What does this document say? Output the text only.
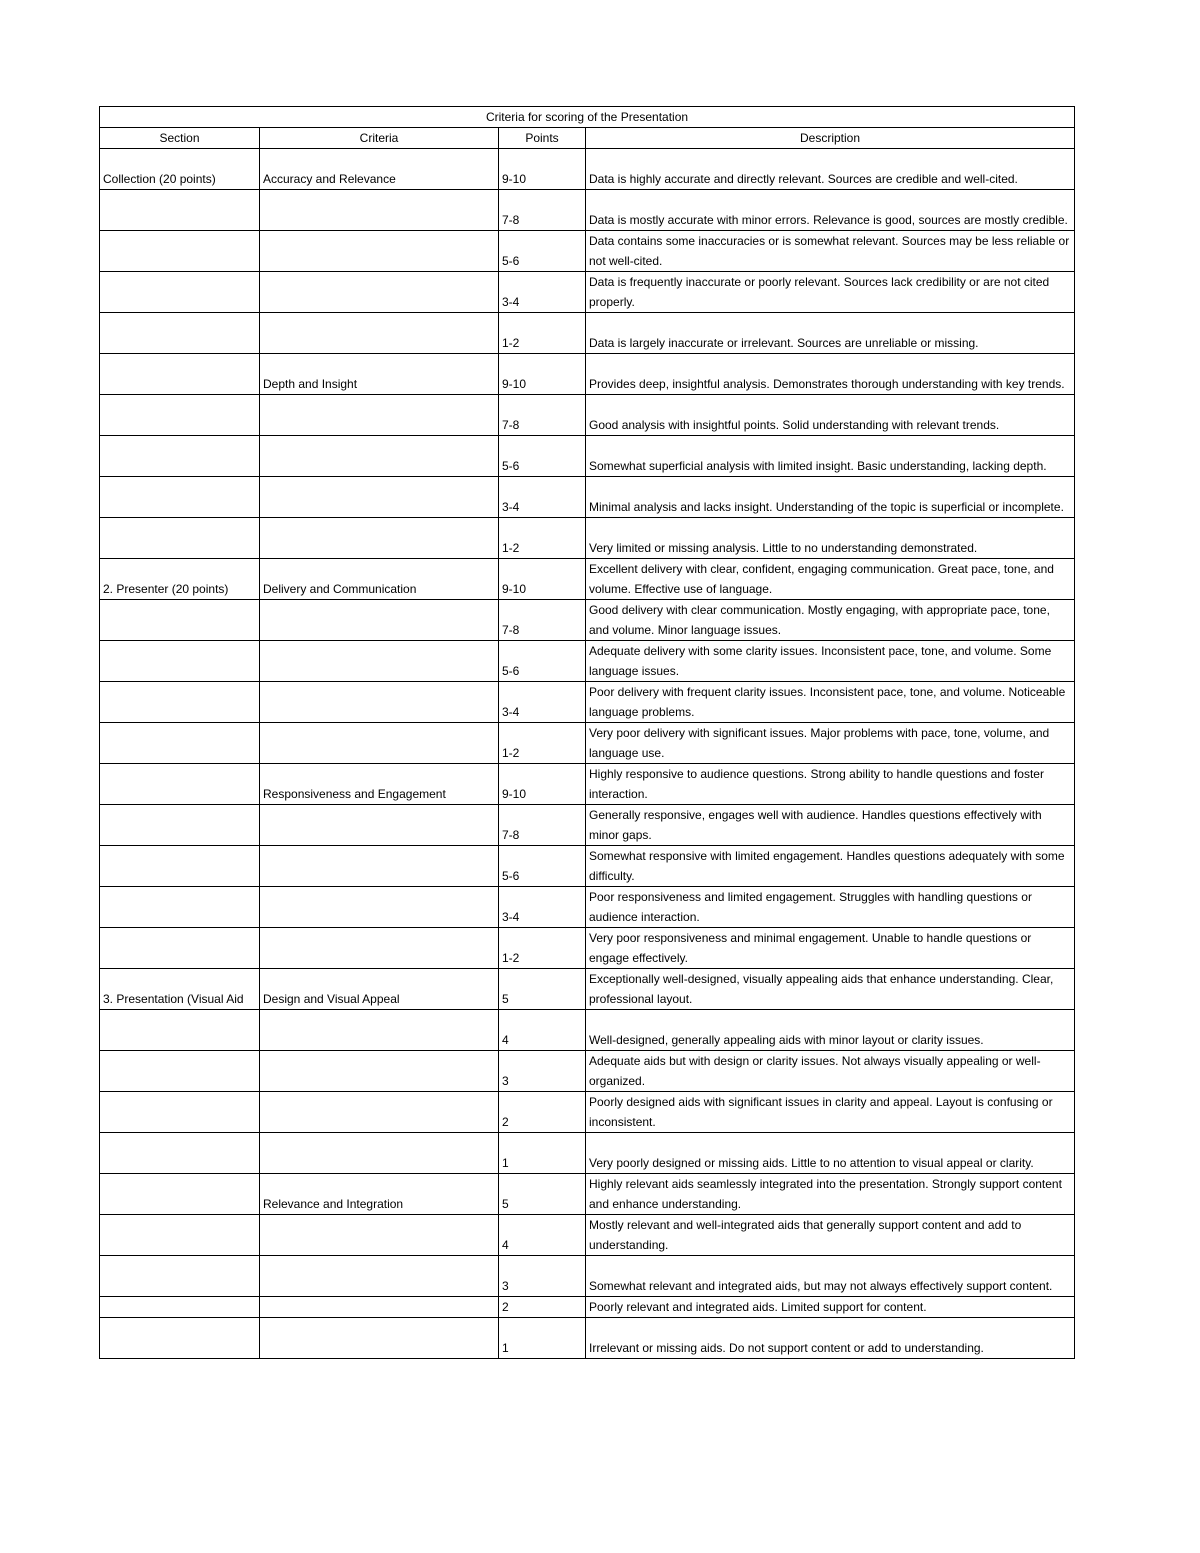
Criteria for scoring of the Presentation			
Section	Criteria	Points	Description
Collection (20 points)	Accuracy and Relevance	9-10	Data is highly accurate and directly relevant. Sources are credible and well-cited.
		7-8	Data is mostly accurate with minor errors. Relevance is good, sources are mostly credible.
		5-6	Data contains some inaccuracies or is somewhat relevant. Sources may be less reliable or not well-cited.
		3-4	Data is frequently inaccurate or poorly relevant. Sources lack credibility or are not cited properly.
		1-2	Data is largely inaccurate or irrelevant. Sources are unreliable or missing.
	Depth and Insight	9-10	Provides deep, insightful analysis. Demonstrates thorough understanding with key trends.
		7-8	Good analysis with insightful points. Solid understanding with relevant trends.
		5-6	Somewhat superficial analysis with limited insight. Basic understanding, lacking depth.
		3-4	Minimal analysis and lacks insight. Understanding of the topic is superficial or incomplete.
		1-2	Very limited or missing analysis. Little to no understanding demonstrated.
2. Presenter (20 points)	Delivery and Communication	9-10	Excellent delivery with clear, confident, engaging communication. Great pace, tone, and volume. Effective use of language.
		7-8	Good delivery with clear communication. Mostly engaging, with appropriate pace, tone, and volume. Minor language issues.
		5-6	Adequate delivery with some clarity issues. Inconsistent pace, tone, and volume. Some language issues.
		3-4	Poor delivery with frequent clarity issues. Inconsistent pace, tone, and volume. Noticeable language problems.
		1-2	Very poor delivery with significant issues. Major problems with pace, tone, volume, and language use.
	Responsiveness and Engagement	9-10	Highly responsive to audience questions. Strong ability to handle questions and foster interaction.
		7-8	Generally responsive, engages well with audience. Handles questions effectively with minor gaps.
		5-6	Somewhat responsive with limited engagement. Handles questions adequately with some difficulty.
		3-4	Poor responsiveness and limited engagement. Struggles with handling questions or audience interaction.
		1-2	Very poor responsiveness and minimal engagement. Unable to handle questions or engage effectively.
3. Presentation (Visual Aid	Design and Visual Appeal	5	Exceptionally well-designed, visually appealing aids that enhance understanding. Clear, professional layout.
		4	Well-designed, generally appealing aids with minor layout or clarity issues.
		3	Adequate aids but with design or clarity issues. Not always visually appealing or well-organized.
		2	Poorly designed aids with significant issues in clarity and appeal. Layout is confusing or inconsistent.
		1	Very poorly designed or missing aids. Little to no attention to visual appeal or clarity.
	Relevance and Integration	5	Highly relevant aids seamlessly integrated into the presentation. Strongly support content and enhance understanding.
		4	Mostly relevant and well-integrated aids that generally support content and add to understanding.
		3	Somewhat relevant and integrated aids, but may not always effectively support content.
		2	Poorly relevant and integrated aids. Limited support for content.
		1	Irrelevant or missing aids. Do not support content or add to understanding.
